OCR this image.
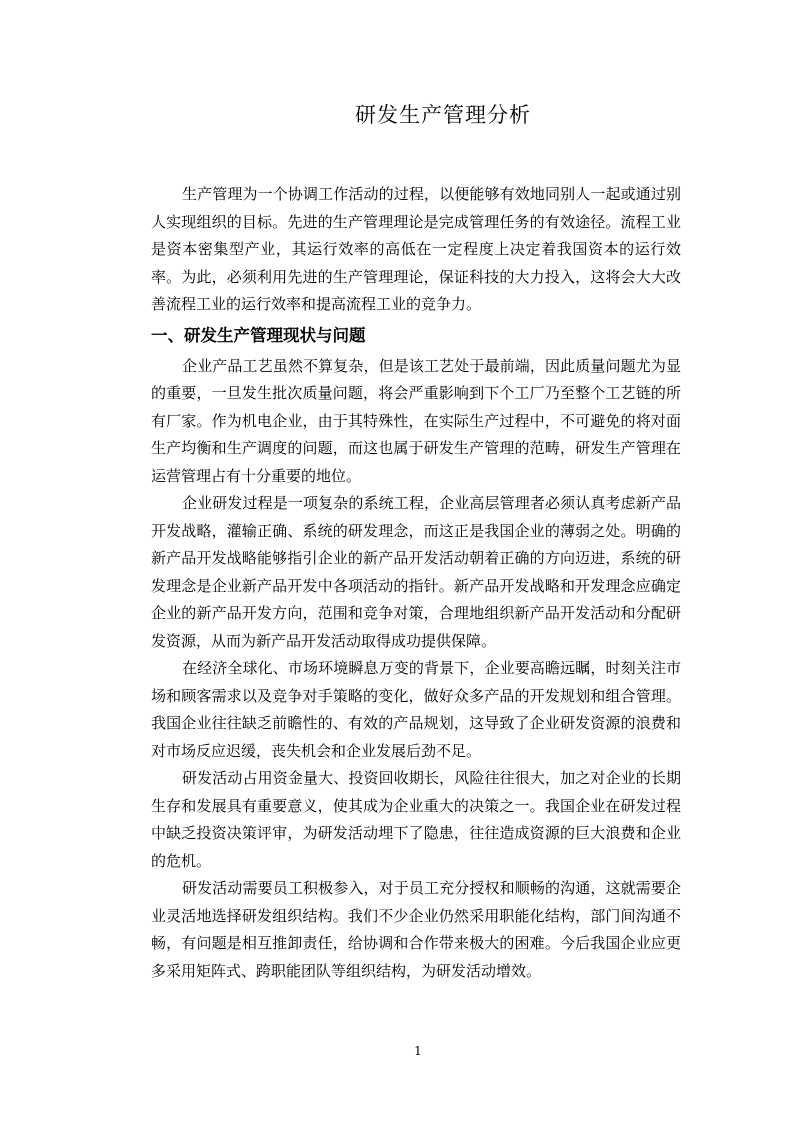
研发生产管理分析

生产管理为一个协调工作活动的过程，以便能够有效地同别人一起或通过别人实现组织的目标。先进的生产管理理论是完成管理任务的有效途径。流程工业是资本密集型产业，其运行效率的高低在一定程度上决定着我国资本的运行效率。为此，必须利用先进的生产管理理论，保证科技的大力投入，这将会大大改善流程工业的运行效率和提高流程工业的竞争力。

一、研发生产管理现状与问题

企业产品工艺虽然不算复杂，但是该工艺处于最前端，因此质量问题尤为显的重要，一旦发生批次质量问题，将会严重影响到下个工厂乃至整个工艺链的所有厂家。作为机电企业，由于其特殊性，在实际生产过程中，不可避免的将对面生产均衡和生产调度的问题，而这也属于研发生产管理的范畴，研发生产管理在运营管理占有十分重要的地位。

企业研发过程是一项复杂的系统工程，企业高层管理者必须认真考虑新产品开发战略，灌输正确、系统的研发理念，而这正是我国企业的薄弱之处。明确的新产品开发战略能够指引企业的新产品开发活动朝着正确的方向迈进，系统的研发理念是企业新产品开发中各项活动的指针。新产品开发战略和开发理念应确定企业的新产品开发方向，范围和竞争对策，合理地组织新产品开发活动和分配研发资源，从而为新产品开发活动取得成功提供保障。

在经济全球化、市场环境瞬息万变的背景下，企业要高瞻远瞩，时刻关注市场和顾客需求以及竞争对手策略的变化，做好众多产品的开发规划和组合管理。我国企业往往缺乏前瞻性的、有效的产品规划，这导致了企业研发资源的浪费和对市场反应迟缓，丧失机会和企业发展后劲不足。

研发活动占用资金量大、投资回收期长，风险往往很大，加之对企业的长期生存和发展具有重要意义，使其成为企业重大的决策之一。我国企业在研发过程中缺乏投资决策评审，为研发活动埋下了隐患，往往造成资源的巨大浪费和企业的危机。

研发活动需要员工积极参入，对于员工充分授权和顺畅的沟通，这就需要企业灵活地选择研发组织结构。我们不少企业仍然采用职能化结构，部门间沟通不畅，有问题是相互推卸责任，给协调和合作带来极大的困难。今后我国企业应更多采用矩阵式、跨职能团队等组织结构，为研发活动增效。

1
